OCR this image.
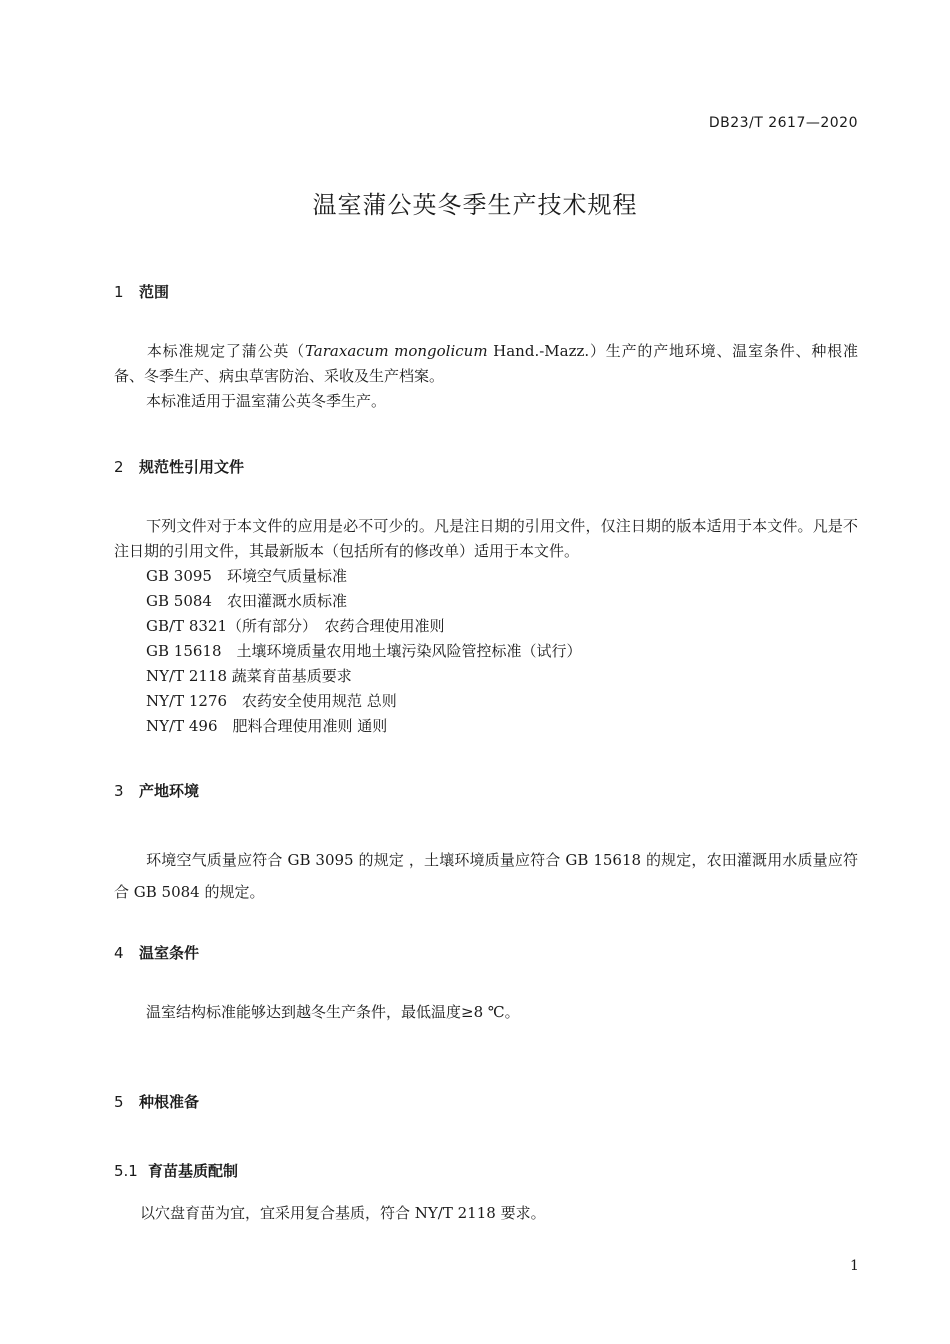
DB23/T 2617—2020
温室蒲公英冬季生产技术规程
1 范围
本标准规定了蒲公英（Taraxacum mongolicum Hand.-Mazz.）生产的产地环境、温室条件、种根准备、冬季生产、病虫草害防治、采收及生产档案。
本标准适用于温室蒲公英冬季生产。
2 规范性引用文件
下列文件对于本文件的应用是必不可少的。凡是注日期的引用文件，仅注日期的版本适用于本文件。凡是不注日期的引用文件，其最新版本（包括所有的修改单）适用于本文件。
GB 3095　环境空气质量标准
GB 5084　农田灌溉水质标准
GB/T 8321（所有部分）　农药合理使用准则
GB 15618　土壤环境质量农用地土壤污染风险管控标准（试行）
NY/T 2118 蔬菜育苗基质要求
NY/T 1276　农药安全使用规范 总则
NY/T 496　肥料合理使用准则 通则
3 产地环境
环境空气质量应符合 GB 3095 的规定 ，土壤环境质量应符合 GB 15618 的规定，农田灌溉用水质量应符合 GB 5084 的规定。
4 温室条件
温室结构标准能够达到越冬生产条件，最低温度≥8 ℃。
5 种根准备
5.1 育苗基质配制
以穴盘育苗为宜，宜采用复合基质，符合 NY/T 2118 要求。
1
